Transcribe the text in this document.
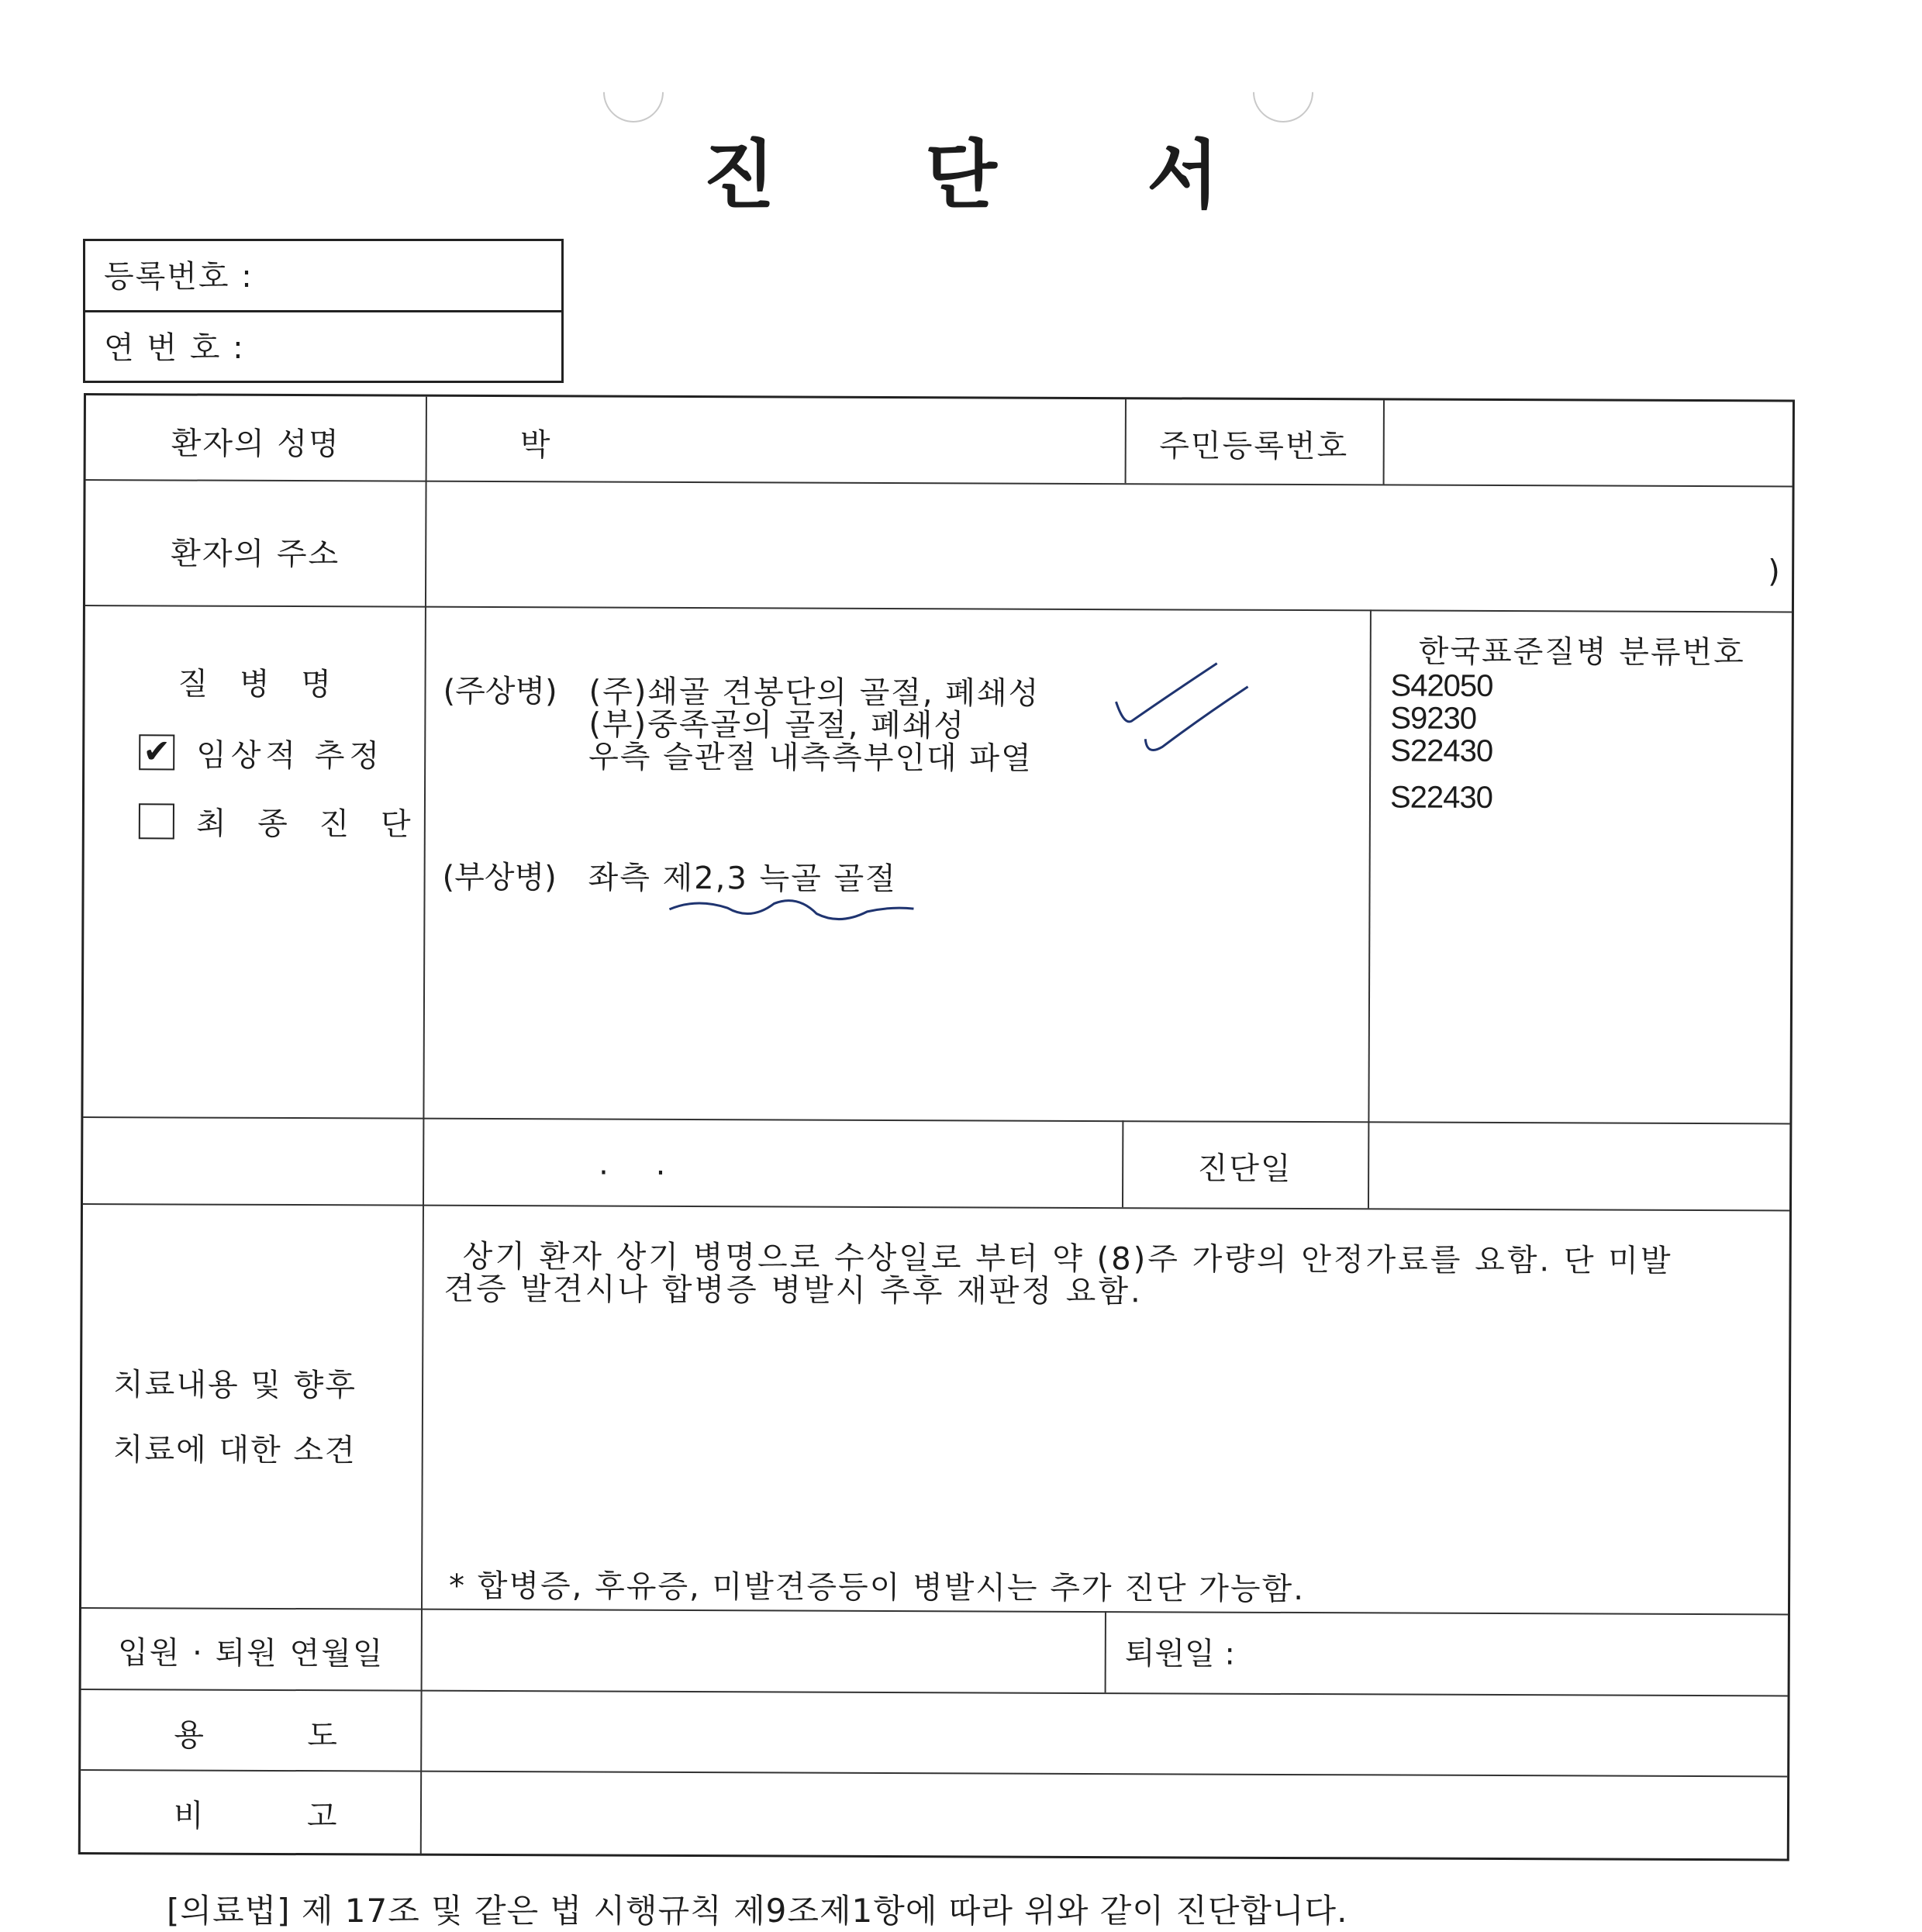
진 단 서
등록번호 :
연 번 호 :
환자의 성명	박	주민등록번호
환자의 주소	)
질 병 명
✔ 임상적 추정
최 종 진 단
(주상병) (주)쇄골 견봉단의 골절, 폐쇄성
(부)중족골의 골절, 폐쇄성
우측 슬관절 내측측부인대 파열
(부상병) 좌측 제2,3 늑골 골절
한국표준질병 분류번호
S42050
S9230
S22430
S22430
. .	진단일
치료내용 및 향후
치료에 대한 소견
상기 환자 상기 병명으로 수상일로 부터 약 (8)주 가량의 안정가료를 요함. 단 미발
견증 발견시나 합병증 병발시 추후 재판정 요함.
* 합병증, 후유증, 미발견증등이 병발시는 추가 진단 가능함.
입원 · 퇴원 연월일	퇴원일 :
용	도
비	고
[의료법] 제 17조 및 같은 법 시행규칙 제9조제1항에 따라 위와 같이 진단합니다.
